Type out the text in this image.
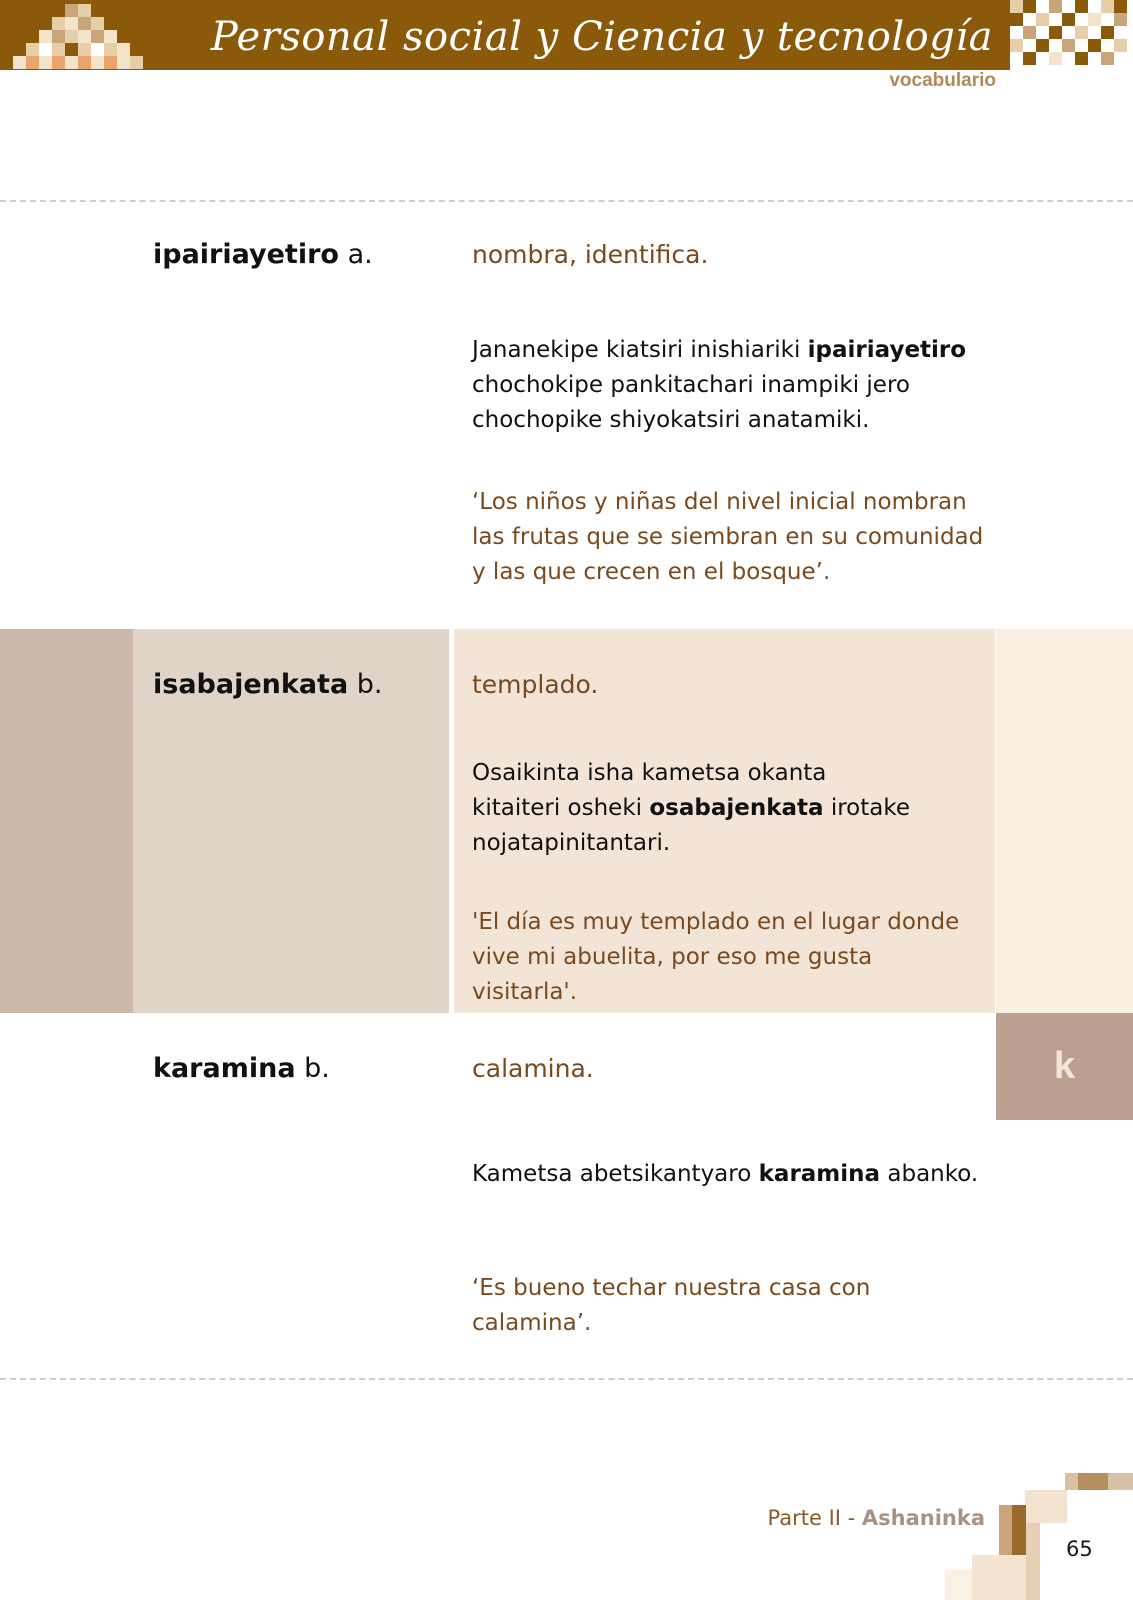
Personal social y Ciencia y tecnología
vocabulario
ipairiayetiro a.	nombra, identifica.
Jananekipe kiatsiri inishiariki ipairiayetiro chochokipe pankitachari inampiki jero chochopike shiyokatsiri anatamiki.
‘Los niños y niñas del nivel inicial nombran las frutas que se siembran en su comunidad y las que crecen en el bosque’.
isabajenkata b.	templado.
Osaikinta isha kametsa okanta kitaiteri osheki osabajenkata irotake nojatapinitantari.
'El día es muy templado en el lugar donde vive mi abuelita, por eso me gusta visitarla'.
karamina b.	calamina.
Kametsa abetsikantyaro karamina abanko.
‘Es bueno techar nuestra casa con calamina’.
k
Parte II - Ashaninka
65
